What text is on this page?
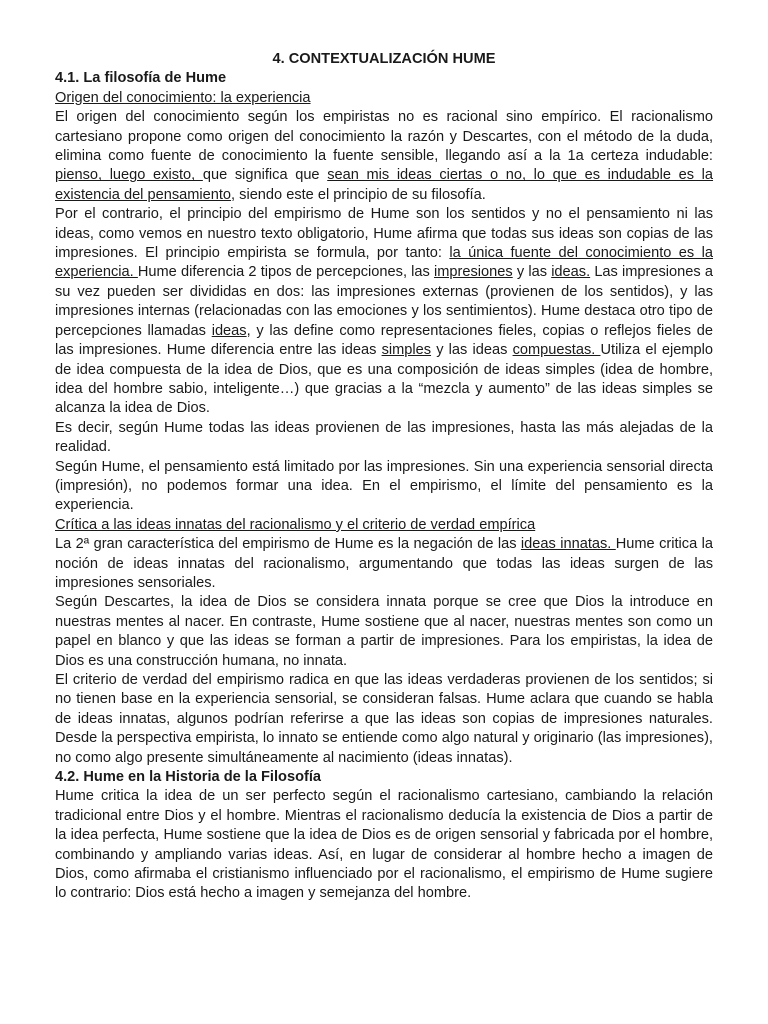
4. CONTEXTUALIZACIÓN HUME
4.1. La filosofía de Hume
Origen del conocimiento: la experiencia

El origen del conocimiento según los empiristas no es racional sino empírico. El racionalismo cartesiano propone como origen del conocimiento la razón y Descartes, con el método de la duda, elimina como fuente de conocimiento la fuente sensible, llegando así a la 1a certeza indudable: pienso, luego existo, que significa que sean mis ideas ciertas o no, lo que es indudable es la existencia del pensamiento, siendo este el principio de su filosofía.

Por el contrario, el principio del empirismo de Hume son los sentidos y no el pensamiento ni las ideas, como vemos en nuestro texto obligatorio, Hume afirma que todas sus ideas son copias de las impresiones. El principio empirista se formula, por tanto: la única fuente del conocimiento es la experiencia. Hume diferencia 2 tipos de percepciones, las impresiones y las ideas. Las impresiones a su vez pueden ser divididas en dos: las impresiones externas (provienen de los sentidos), y las impresiones internas (relacionadas con las emociones y los sentimientos). Hume destaca otro tipo de percepciones llamadas ideas, y las define como representaciones fieles, copias o reflejos fieles de las impresiones. Hume diferencia entre las ideas simples y las ideas compuestas. Utiliza el ejemplo de idea compuesta de la idea de Dios, que es una composición de ideas simples (idea de hombre, idea del hombre sabio, inteligente…) que gracias a la “mezcla y aumento” de las ideas simples se alcanza la idea de Dios.

Es decir, según Hume todas las ideas provienen de las impresiones, hasta las más alejadas de la realidad.

Según Hume, el pensamiento está limitado por las impresiones. Sin una experiencia sensorial directa (impresión), no podemos formar una idea. En el empirismo, el límite del pensamiento es la experiencia.

Crítica a las ideas innatas del racionalismo y el criterio de verdad empírica

La 2ª gran característica del empirismo de Hume es la negación de las ideas innatas. Hume critica la noción de ideas innatas del racionalismo, argumentando que todas las ideas surgen de las impresiones sensoriales.

Según Descartes, la idea de Dios se considera innata porque se cree que Dios la introduce en nuestras mentes al nacer. En contraste, Hume sostiene que al nacer, nuestras mentes son como un papel en blanco y que las ideas se forman a partir de impresiones. Para los empiristas, la idea de Dios es una construcción humana, no innata.

El criterio de verdad del empirismo radica en que las ideas verdaderas provienen de los sentidos; si no tienen base en la experiencia sensorial, se consideran falsas. Hume aclara que cuando se habla de ideas innatas, algunos podrían referirse a que las ideas son copias de impresiones naturales. Desde la perspectiva empirista, lo innato se entiende como algo natural y originario (las impresiones), no como algo presente simultáneamente al nacimiento (ideas innatas).

4.2. Hume en la Historia de la Filosofía

Hume critica la idea de un ser perfecto según el racionalismo cartesiano, cambiando la relación tradicional entre Dios y el hombre. Mientras el racionalismo deducía la existencia de Dios a partir de la idea perfecta, Hume sostiene que la idea de Dios es de origen sensorial y fabricada por el hombre, combinando y ampliando varias ideas. Así, en lugar de considerar al hombre hecho a imagen de Dios, como afirmaba el cristianismo influenciado por el racionalismo, el empirismo de Hume sugiere lo contrario: Dios está hecho a imagen y semejanza del hombre.
